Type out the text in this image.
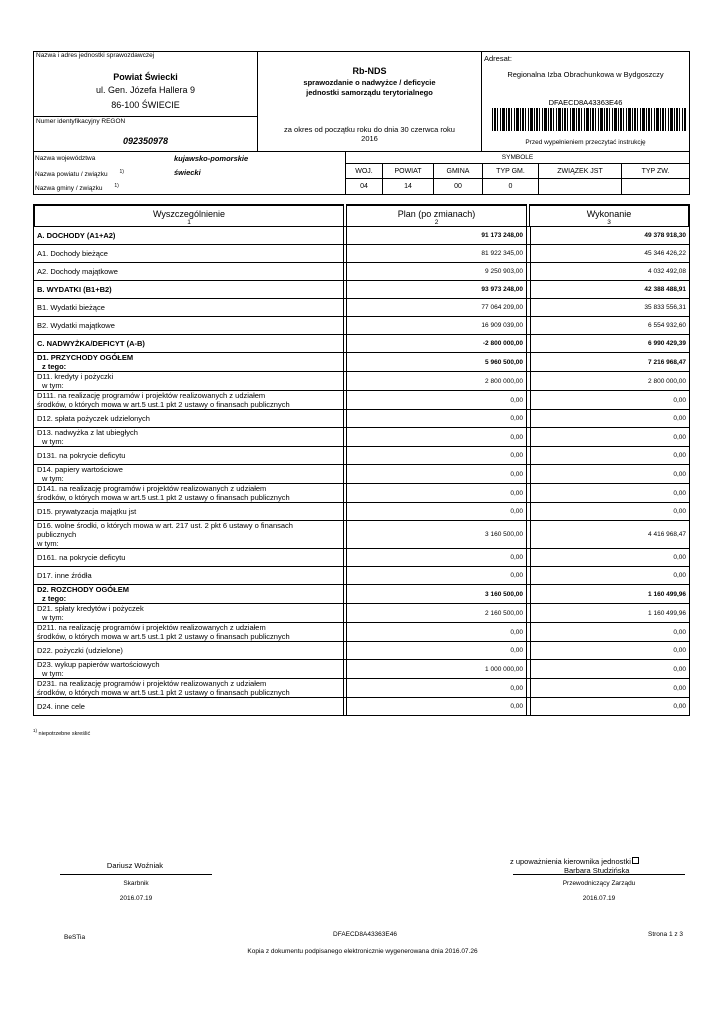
Nazwa i adres jednostki sprawozdawczej
Powiat Świecki
ul. Gen. Józefa Hallera 9
86-100 ŚWIECIE
Numer identyfikacyjny REGON
092350978
Rb-NDS
sprawozdanie o nadwyżce / deficycie
jednostki samorządu terytorialnego
za okres od początku roku do dnia 30 czerwca roku
2016
Adresat:
Regionalna Izba Obrachunkowa w Bydgoszczy
DFAECD8A43363E46
Przed wypełnieniem przeczytać instrukcję
Nazwa województwa	kujawsko-pomorskie
Nazwa powiatu / związku $^{1)}$	świecki
Nazwa gminy / związku $^{1)}$
SYMBOLE
WOJ.	POWIAT	GMINA	TYP GM.	ZWIĄZEK JST	TYP ZW.
04	14	00	0
Wyszczególnienie
1
Plan (po zmianach)
2
Wykonanie
3
A. DOCHODY (A1+A2)	91 173 248,00	49 378 918,30
A1. Dochody bieżące	81 922 345,00	45 346 426,22
A2. Dochody majątkowe	9 250 903,00	4 032 492,08
B. WYDATKI (B1+B2)	93 973 248,00	42 388 488,91
B1. Wydatki bieżące	77 064 209,00	35 833 556,31
B2. Wydatki majątkowe	16 909 039,00	6 554 932,60
C. NADWYŻKA/DEFICYT (A-B)	-2 800 000,00	6 990 429,39
D1. PRZYCHODY OGÓŁEM
z tego:	5 960 500,00	7 216 968,47
D11. kredyty i pożyczki
w tym:	2 800 000,00	2 800 000,00
D111. na realizację programów i projektów realizowanych z udziałem
środków, o których mowa w art.5 ust.1 pkt 2 ustawy o finansach publicznych	0,00	0,00
D12. spłata pożyczek udzielonych	0,00	0,00
D13. nadwyżka z lat ubiegłych
w tym:	0,00	0,00
D131. na pokrycie deficytu	0,00	0,00
D14. papiery wartościowe
w tym:	0,00	0,00
D141. na realizację programów i projektów realizowanych z udziałem
środków, o których mowa w art.5 ust.1 pkt 2 ustawy o finansach publicznych	0,00	0,00
D15. prywatyzacja majątku jst	0,00	0,00
D16. wolne środki, o których mowa w art. 217 ust. 2 pkt 6 ustawy o finansach
publicznych
w tym:
3 160 500,00	4 416 968,47
D161. na pokrycie deficytu	0,00	0,00
D17. inne źródła	0,00	0,00
D2. ROZCHODY OGÓŁEM
z tego:	3 160 500,00	1 160 499,96
D21. spłaty kredytów i pożyczek
w tym:	2 160 500,00	1 160 499,96
D211. na realizację programów i projektów realizowanych z udziałem
środków, o których mowa w art.5 ust.1 pkt 2 ustawy o finansach publicznych	0,00	0,00
D22. pożyczki (udzielone)	0,00	0,00
D23. wykup papierów wartościowych
w tym:	1 000 000,00	0,00
D231. na realizację programów i projektów realizowanych z udziałem
środków, o których mowa w art.5 ust.1 pkt 2 ustawy o finansach publicznych	0,00	0,00
D24. inne cele	0,00	0,00
$^{1)}$ niepotrzebne skreślić
Dariusz Woźniak
Skarbnik
2016.07.19
z upoważnienia kierownika jednostki
Barbara Studzińska
Przewodniczący Zarządu
2016.07.19
BeSTia	DFAECD8A43363E46	Strona 1 z 3
Kopia z dokumentu podpisanego elektronicznie wygenerowana dnia 2016.07.26
